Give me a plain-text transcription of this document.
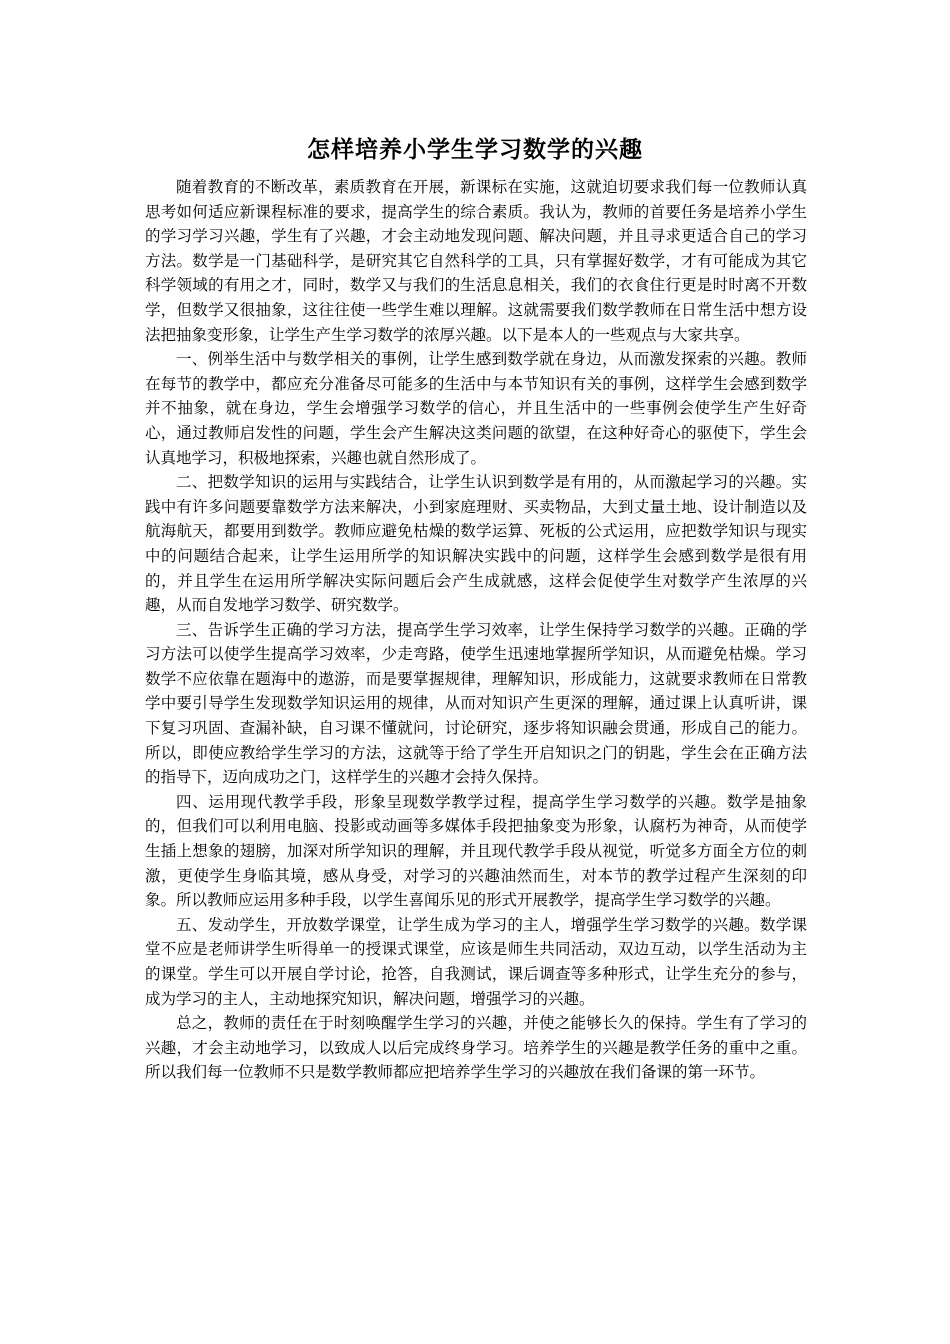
怎样培养小学生学习数学的兴趣

随着教育的不断改革，素质教育在开展，新课标在实施，这就迫切要求我们每一位教师认真思考如何适应新课程标准的要求，提高学生的综合素质。我认为，教师的首要任务是培养小学生的学习学习兴趣，学生有了兴趣，才会主动地发现问题、解决问题，并且寻求更适合自己的学习方法。数学是一门基础科学，是研究其它自然科学的工具，只有掌握好数学，才有可能成为其它科学领域的有用之才，同时，数学又与我们的生活息息相关，我们的衣食住行更是时时离不开数学，但数学又很抽象，这往往使一些学生难以理解。这就需要我们数学教师在日常生活中想方设法把抽象变形象，让学生产生学习数学的浓厚兴趣。以下是本人的一些观点与大家共享。

一、例举生活中与数学相关的事例，让学生感到数学就在身边，从而激发探索的兴趣。教师在每节的教学中，都应充分准备尽可能多的生活中与本节知识有关的事例，这样学生会感到数学并不抽象，就在身边，学生会增强学习数学的信心，并且生活中的一些事例会使学生产生好奇心，通过教师启发性的问题，学生会产生解决这类问题的欲望，在这种好奇心的驱使下，学生会认真地学习，积极地探索，兴趣也就自然形成了。

二、把数学知识的运用与实践结合，让学生认识到数学是有用的，从而激起学习的兴趣。实践中有许多问题要靠数学方法来解决，小到家庭理财、买卖物品，大到丈量土地、设计制造以及航海航天，都要用到数学。教师应避免枯燥的数学运算、死板的公式运用，应把数学知识与现实中的问题结合起来，让学生运用所学的知识解决实践中的问题，这样学生会感到数学是很有用的，并且学生在运用所学解决实际问题后会产生成就感，这样会促使学生对数学产生浓厚的兴趣，从而自发地学习数学、研究数学。

三、告诉学生正确的学习方法，提高学生学习效率，让学生保持学习数学的兴趣。正确的学习方法可以使学生提高学习效率，少走弯路，使学生迅速地掌握所学知识，从而避免枯燥。学习数学不应依靠在题海中的遨游，而是要掌握规律，理解知识，形成能力，这就要求教师在日常教学中要引导学生发现数学知识运用的规律，从而对知识产生更深的理解，通过课上认真听讲，课下复习巩固、查漏补缺，自习课不懂就问，讨论研究，逐步将知识融会贯通，形成自己的能力。所以，即使应教给学生学习的方法，这就等于给了学生开启知识之门的钥匙，学生会在正确方法的指导下，迈向成功之门，这样学生的兴趣才会持久保持。

四、运用现代教学手段，形象呈现数学教学过程，提高学生学习数学的兴趣。数学是抽象的，但我们可以利用电脑、投影或动画等多媒体手段把抽象变为形象，认腐朽为神奇，从而使学生插上想象的翅膀，加深对所学知识的理解，并且现代教学手段从视觉，听觉多方面全方位的刺激，更使学生身临其境，感从身受，对学习的兴趣油然而生，对本节的教学过程产生深刻的印象。所以教师应运用多种手段，以学生喜闻乐见的形式开展教学，提高学生学习数学的兴趣。

五、发动学生，开放数学课堂，让学生成为学习的主人，增强学生学习数学的兴趣。数学课堂不应是老师讲学生听得单一的授课式课堂，应该是师生共同活动，双边互动，以学生活动为主的课堂。学生可以开展自学讨论，抢答，自我测试，课后调查等多种形式，让学生充分的参与，成为学习的主人，主动地探究知识，解决问题，增强学习的兴趣。

总之，教师的责任在于时刻唤醒学生学习的兴趣，并使之能够长久的保持。学生有了学习的兴趣，才会主动地学习，以致成人以后完成终身学习。培养学生的兴趣是教学任务的重中之重。所以我们每一位教师不只是数学教师都应把培养学生学习的兴趣放在我们备课的第一环节。
